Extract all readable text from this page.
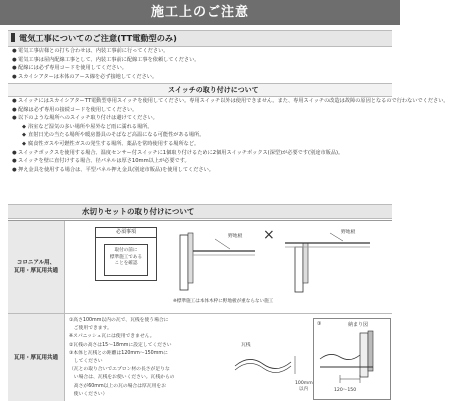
施工上のご注意
電気工事についてのご注意(TT電動型のみ)
●電気工事店様との打ち合わせは、内装工事前に行ってください。
●電気工事は屋内配線工事として、内装工事前に配線工事を依頼してください。
●配線には必ず専用コードを使用してください。
●スカイシアターは本体のアース線を必ず接地してください。
スイッチの取り付けについて
●スイッチにはスカイシアターTT電動型専用スイッチを使用してください。専用スイッチ以外は使用できません。また、専用スイッチの改造は故障の原因となるので行わないでください。
●配線は必ず専用の接続コードを使用してください。
●以下のような場所へのスイッチ取り付けは避けてください。
◆ 浴室など湿気の多い場所や屋外など雨に濡れる場所。
◆ 直射日光の当たる場所や暖房器具のそばなど高温になる可能性がある場所。
◆ 腐食性ガスや可燃性ガスの発生する場所、薬品を常時使用する場所など。
●スイッチボックスを使用する場合、温度センサー付スイッチに1個取り付けるために2個用スイッチボックス(深型)が必要です(別途市販品)。
●スイッチを壁に直付けする場合、径パネルは厚さ10mm以上が必要です。
●押え金具を使用する場合は、平型パネル押え金具(別途市販品)を使用してください。
水切りセットの取り付けについて
コロニアル用、
瓦用・厚瓦用共通
必須事項
取付の前に
標準施工である
ことを確認
野地板 ×	野地板
※標準施工は本体木枠に野地板が重ならない施工
瓦用・厚瓦用共通
①高さ100mm以内の瓦で、瓦桟を使う場合に
　ご使用できます。
※スパニッシュ瓦には使用できません。
②瓦桟の高さは15～18mmに設定してください
③本体と瓦桟との距離は120mm～150mmに
　してください
（瓦との取り合いでエプロン材の長さが足りな
　い場合は、瓦桟をお使いください。瓦桟からの
　高さが60mm以上の瓦の場合は厚瓦用をお
　使いください）
瓦桟
100mm
以内
③	納まり図
120～150
